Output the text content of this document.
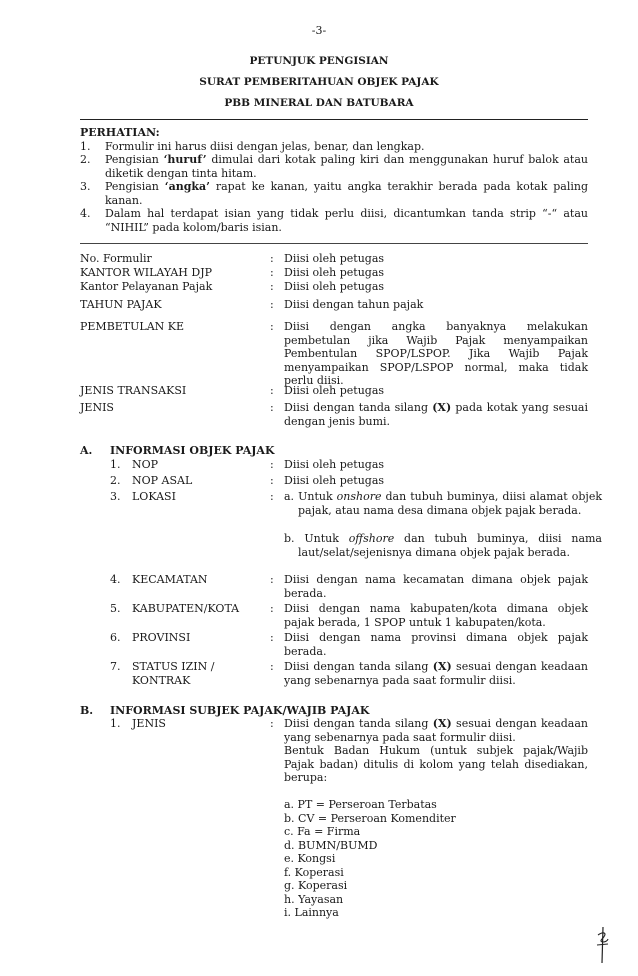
-3-
PETUNJUK PENGISIAN
SURAT PEMBERITAHUAN OBJEK PAJAK
PBB MINERAL DAN BATUBARA
PERHATIAN:
1. Formulir ini harus diisi dengan jelas, benar, dan lengkap.
2. Pengisian ‘huruf’ dimulai dari kotak paling kiri dan menggunakan huruf balok atau diketik dengan tinta hitam.
3. Pengisian ‘angka’ rapat ke kanan, yaitu angka terakhir berada pada kotak paling kanan.
4. Dalam hal terdapat isian yang tidak perlu diisi, dicantumkan tanda strip “-“ atau “NIHIL” pada kolom/baris isian.
No. Formulir	: Diisi oleh petugas
KANTOR WILAYAH DJP	: Diisi oleh petugas
Kantor Pelayanan Pajak	: Diisi oleh petugas
TAHUN PAJAK	: Diisi dengan tahun pajak
PEMBETULAN KE	: Diisi dengan angka banyaknya melakukan pembetulan jika Wajib Pajak menyampaikan Pembentulan SPOP/LSPOP. Jika Wajib Pajak menyampaikan SPOP/LSPOP normal, maka tidak perlu diisi.
JENIS TRANSAKSI	: Diisi oleh petugas
JENIS	: Diisi dengan tanda silang (X) pada kotak yang sesuai dengan jenis bumi.
A. INFORMASI OBJEK PAJAK
1. NOP	: Diisi oleh petugas
2. NOP ASAL	: Diisi oleh petugas
3. LOKASI	: a. Untuk onshore dan tubuh buminya, diisi alamat objek pajak, atau nama desa dimana objek pajak berada.
b. Untuk offshore dan tubuh buminya, diisi nama laut/selat/sejenisnya dimana objek pajak berada.
4. KECAMATAN	: Diisi dengan nama kecamatan dimana objek pajak berada.
5. KABUPATEN/KOTA	: Diisi dengan nama kabupaten/kota dimana objek pajak berada, 1 SPOP untuk 1 kabupaten/kota.
6. PROVINSI	: Diisi dengan nama provinsi dimana objek pajak berada.
7. STATUS IZIN /
KONTRAK
: Diisi dengan tanda silang (X) sesuai dengan keadaan yang sebenarnya pada saat formulir diisi.
B. INFORMASI SUBJEK PAJAK/WAJIB PAJAK
1. JENIS	: Diisi dengan tanda silang (X) sesuai dengan keadaan yang sebenarnya pada saat formulir diisi.
Bentuk Badan Hukum (untuk subjek pajak/Wajib Pajak badan) ditulis di kolom yang telah disediakan, berupa:
a. PT = Perseroan Terbatas
b. CV = Perseroan Komenditer
c. Fa = Firma
d. BUMN/BUMD
e. Kongsi
f. Koperasi
g. Koperasi
h. Yayasan
i. Lainnya
